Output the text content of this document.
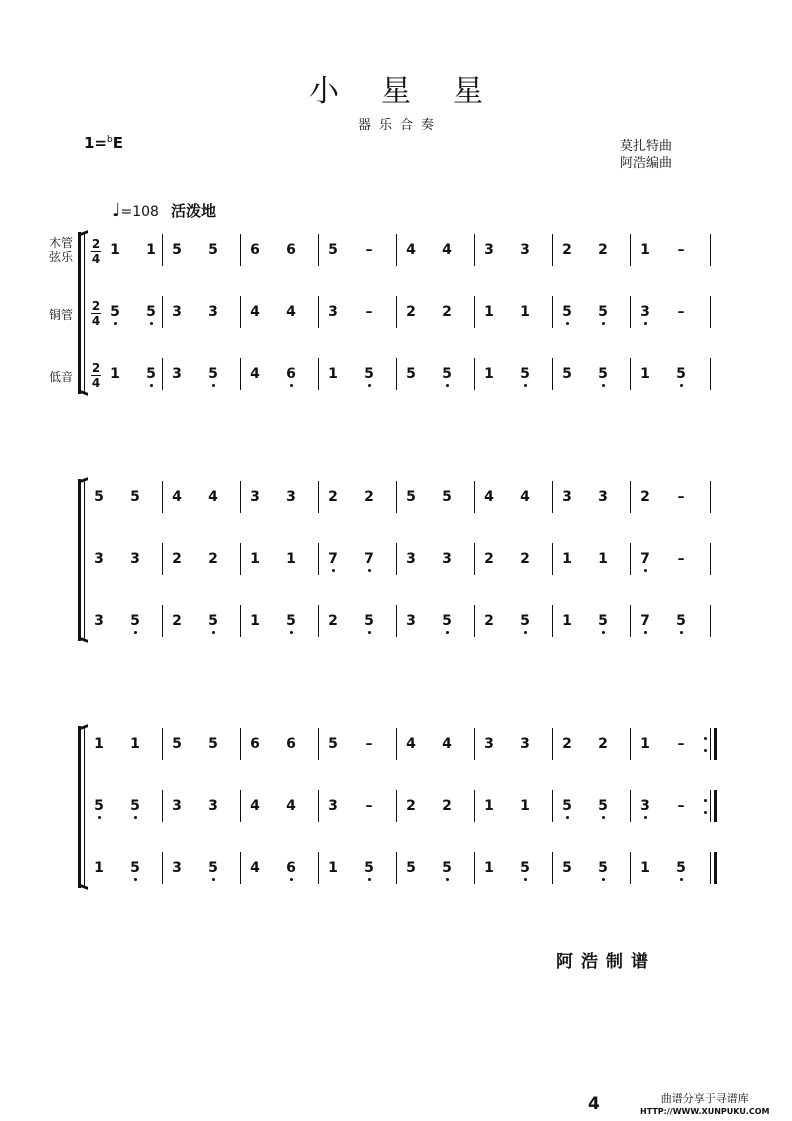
小星星
器乐合奏
1=$^b$E	莫扎特曲
阿浩编曲
♩=108 活泼地
木管
弦乐
2
4
1 1 5 5 6 6 5 – 4 4 3 3 2 2 1 –
铜管
2
4
5 5 3 3 4 4 3 – 2 2 1 1 5 5 3 –
低音
2
4
1 5 3 5 4 6 1 5 5 5 1 5 5 5 1 5
5 5 4 4 3 3 2 2 5 5 4 4 3 3 2 –
3 3 2 2 1 1 7 7 3 3 2 2 1 1 7 –
3 5 2 5 1 5 2 5 3 5 2 5 1 5 7 5
1 1 5 5 6 6 5 – 4 4 3 3 2 2 1 –
5 5 3 3 4 4 3 – 2 2 1 1 5 5 3 –
1 5 3 5 4 6 1 5 5 5 1 5 5 5 1 5
阿浩制谱
4	曲谱分享于寻谱库
HTTP://WWW.XUNPUKU.COM
